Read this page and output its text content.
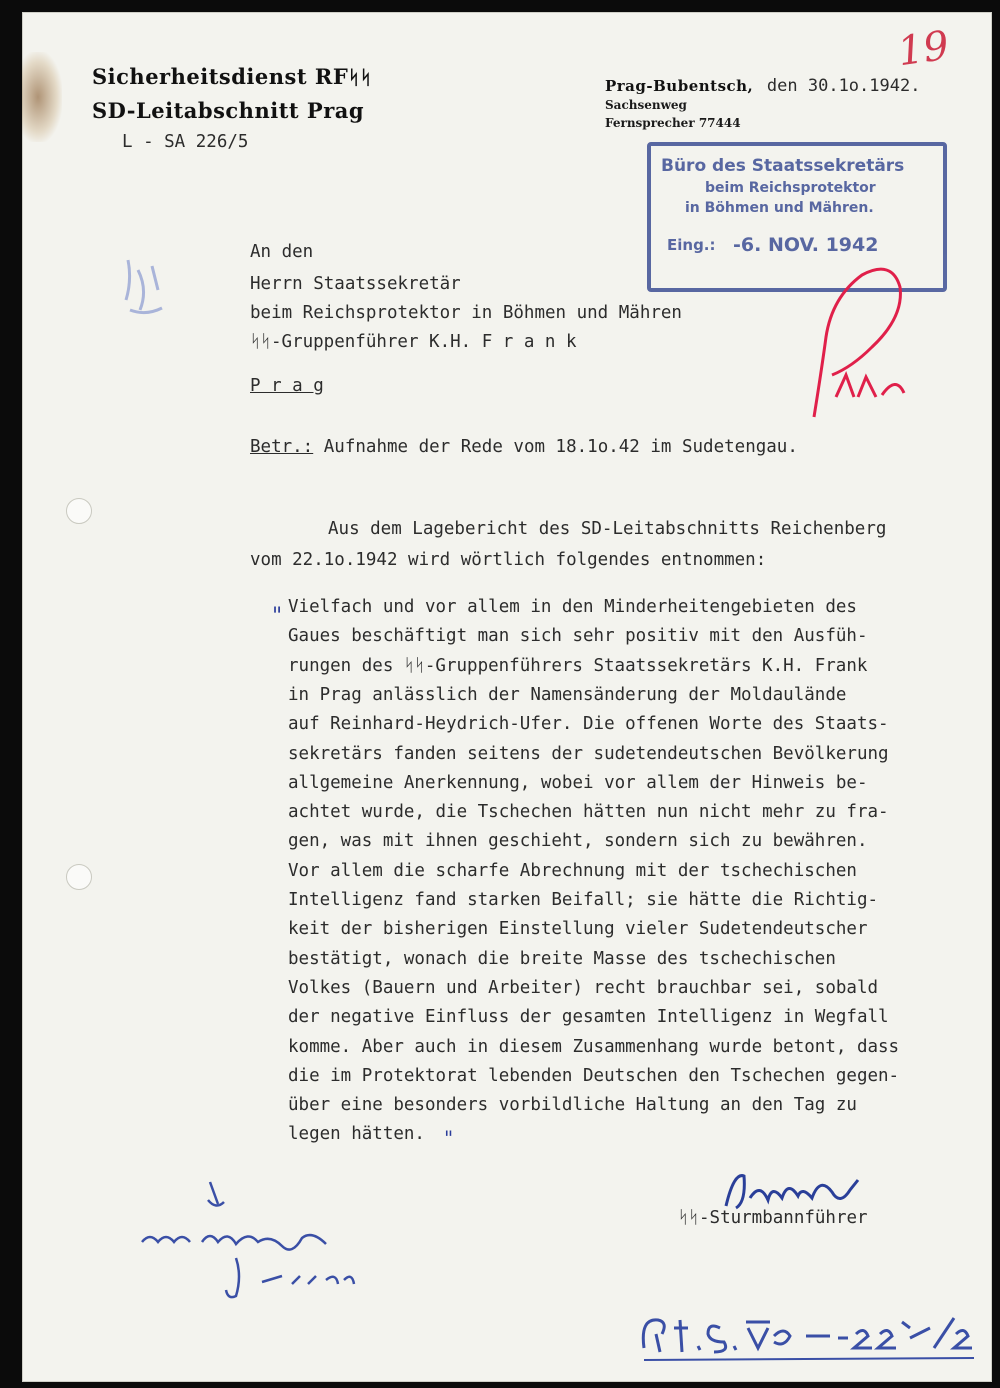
Sicherheitsdienst RFᛋᛋ
SD-Leitabschnitt Prag
L - SA 226/5
Prag-Bubentsch, den 30.1o.1942.
Sachsenweg
Fernsprecher 77444
19
Büro des Staatssekretärs
beim Reichsprotektor
in Böhmen und Mähren.
Eing.: -6. NOV. 1942
An den
Herrn Staatssekretär
beim Reichsprotektor in Böhmen und Mähren
ᛋᛋ-Gruppenführer K.H. F r a n k
P r a g
Betr.: Aufnahme der Rede vom 18.1o.42 im Sudetengau.
Aus dem Lagebericht des SD-Leitabschnitts Reichenberg
vom 22.1o.1942 wird wörtlich folgendes entnommen:
" Vielfach und vor allem in den Minderheitengebieten des
Gaues beschäftigt man sich sehr positiv mit den Ausfüh-
rungen des ᛋᛋ-Gruppenführers Staatssekretärs K.H. Frank
in Prag anlässlich der Namensänderung der Moldaulände
auf Reinhard-Heydrich-Ufer. Die offenen Worte des Staats-
sekretärs fanden seitens der sudetendeutschen Bevölkerung
allgemeine Anerkennung, wobei vor allem der Hinweis be-
achtet wurde, die Tschechen hätten nun nicht mehr zu fra-
gen, was mit ihnen geschieht, sondern sich zu bewähren.
Vor allem die scharfe Abrechnung mit der tschechischen
Intelligenz fand starken Beifall; sie hätte die Richtig-
keit der bisherigen Einstellung vieler Sudetendeutscher
bestätigt, wonach die breite Masse des tschechischen
Volkes (Bauern und Arbeiter) recht brauchbar sei, sobald
der negative Einfluss der gesamten Intelligenz in Wegfall
komme. Aber auch in diesem Zusammenhang wurde betont, dass
die im Protektorat lebenden Deutschen den Tschechen gegen-
über eine besonders vorbildliche Haltung an den Tag zu
legen hätten. "
ᛋᛋ-Sturmbannführer
